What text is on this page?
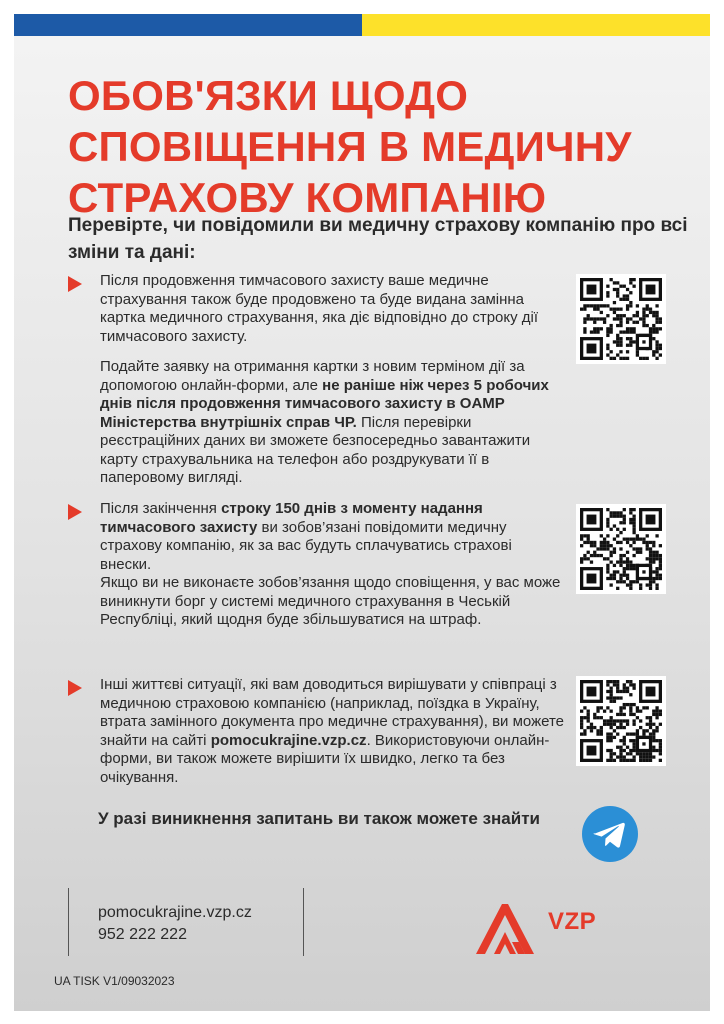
ОБОВ'ЯЗКИ ЩОДО
СПОВІЩЕННЯ В МЕДИЧНУ
СТРАХОВУ КОМПАНІЮ

Перевірте, чи повідомили ви медичну страхову компанію про всі зміни та дані:

Після продовження тимчасового захисту ваше медичне страхування також буде продовжено та буде видана замінна картка медичного страхування, яка діє відповідно до строку дії тимчасового захисту.

Подайте заявку на отримання картки з новим терміном дії за допомогою онлайн-форми, але не раніше ніж через 5 робочих днів після продовження тимчасового захисту в OAMP Міністерства внутрішніх справ ЧР. Після перевірки реєстраційних даних ви зможете безпосередньо завантажити карту страхувальника на телефон або роздрукувати її в паперовому вигляді.

Після закінчення строку 150 днів з моменту надання тимчасового захисту ви зобов’язані повідомити медичну страхову компанію, як за вас будуть сплачуватись страхові внески.

Якщо ви не виконаєте зобов’язання щодо сповіщення, у вас може виникнути борг у системі медичного страхування в Чеській Республіці, який щодня буде збільшуватися на штраф.

Інші життєві ситуації, які вам доводиться вирішувати у співпраці з медичною страховою компанією (наприклад, поїздка в Україну, втрата замінного документа про медичне страхування), ви можете знайти на сайті pomocukrajine.vzp.cz. Використовуючи онлайн-форми, ви також можете вирішити їх швидко, легко та без очікування.

У разі виникнення запитань ви також можете знайти
pomocukrajine.vzp.cz
952 222 222	VZP
UA TISK V1/09032023
